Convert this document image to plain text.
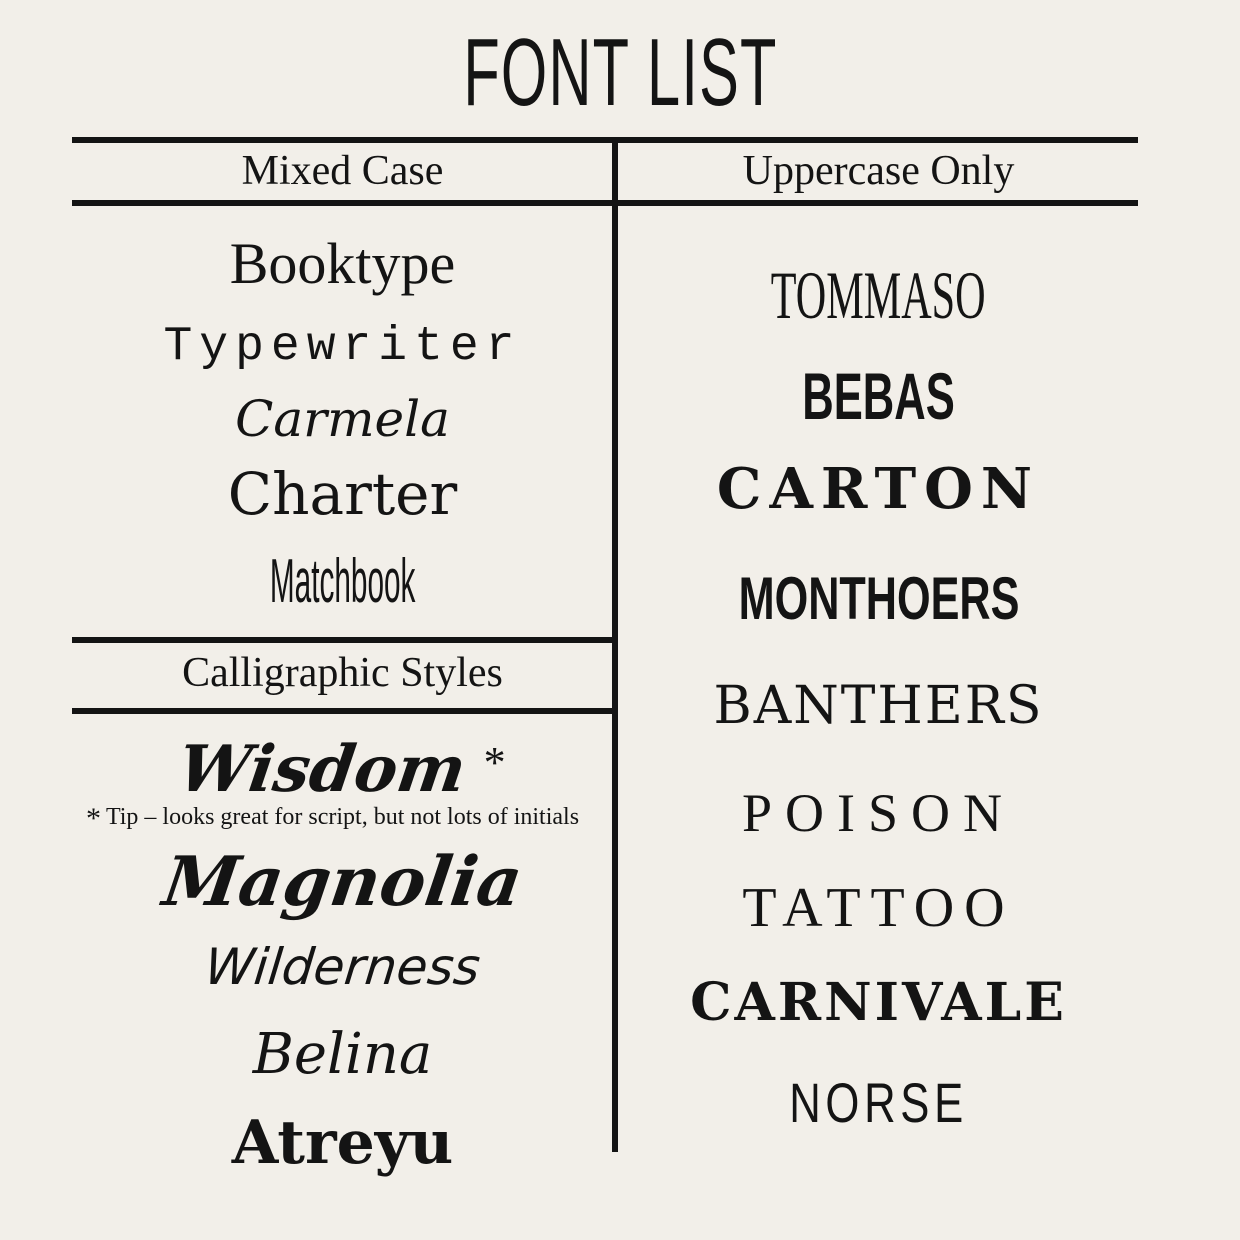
FONT LIST
Mixed Case	Uppercase Only
Booktype
Typewriter
Carmela
Charter
Matchbook
Calligraphic Styles
Wisdom *
* Tip – looks great for script, but not lots of initials
Magnolia
Wilderness
Belina
Atreyu
TOMMASO
BEBAS
CARTON
MONTHOERS
BANTHERS
POISON
TATTOO
CARNIVALE
NORSE
